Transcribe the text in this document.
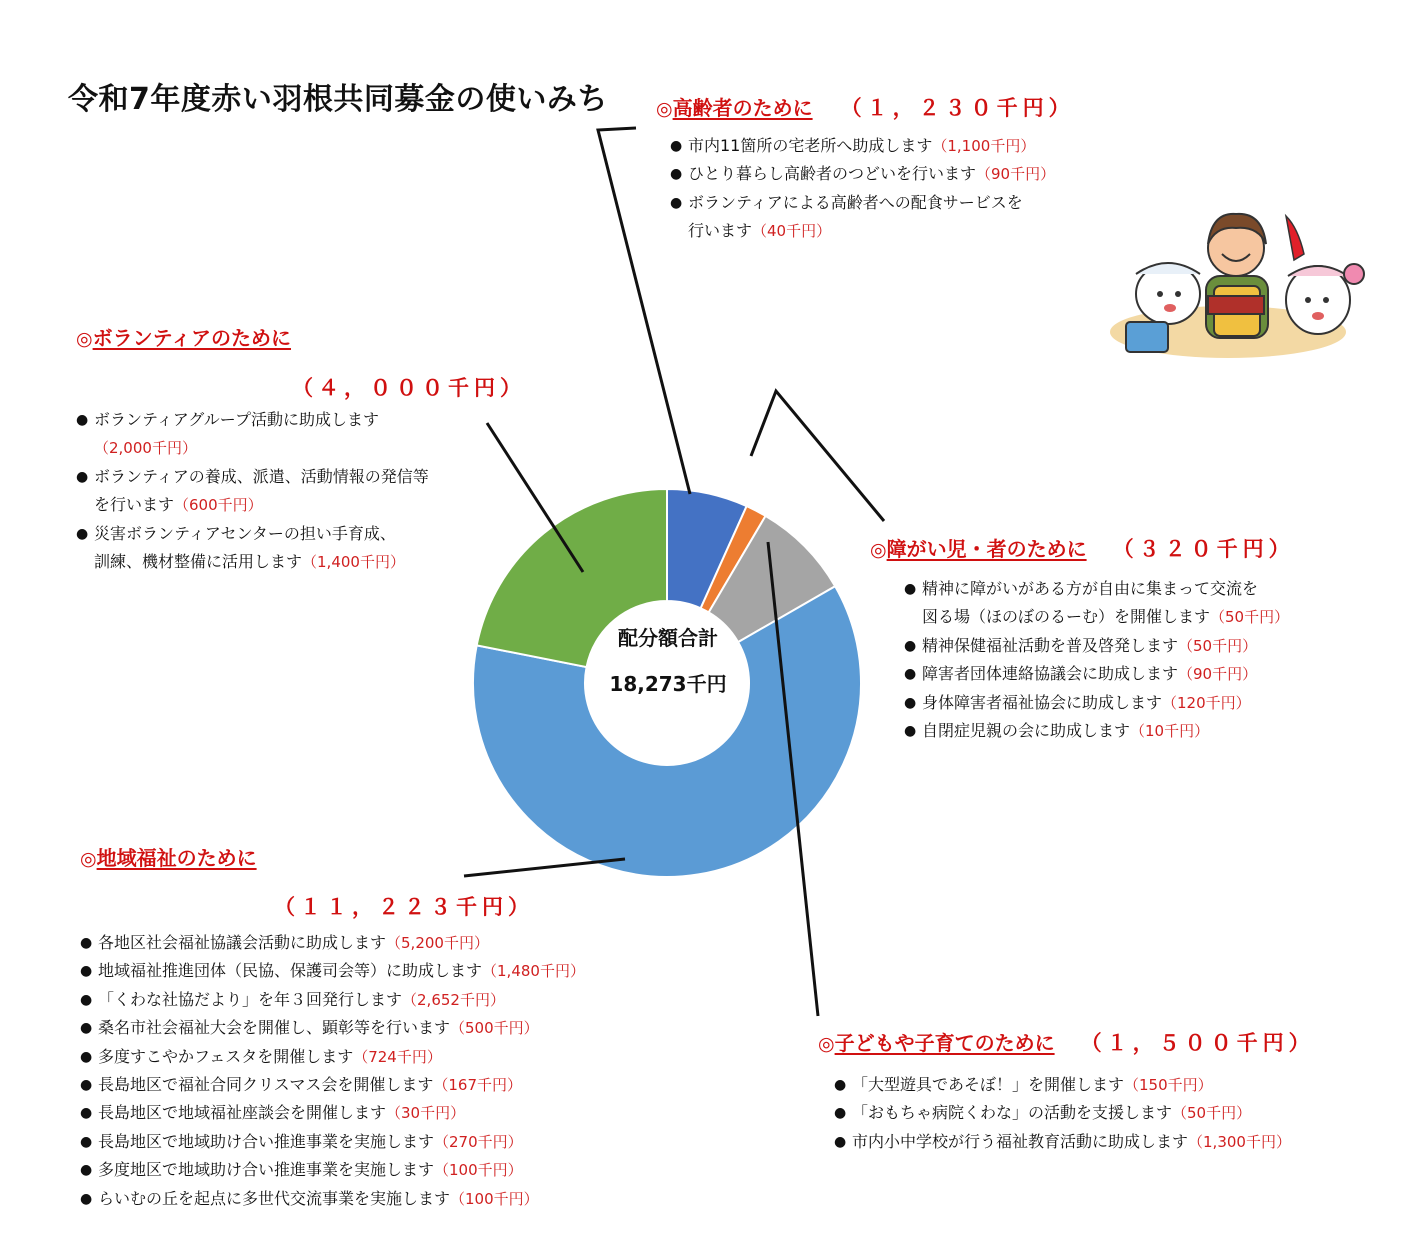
令和7年度赤い羽根共同募金の使いみち
配分額合計
18,273千円
◎高齢者のために （１，２３０千円）
● 市内11箇所の宅老所へ助成します（1,100千円）
● ひとり暮らし高齢者のつどいを行います（90千円）
● ボランティアによる高齢者への配食サービスを
行います（40千円）
◎ボランティアのために
（４，０００千円）
● ボランティアグループ活動に助成します
（2,000千円）
● ボランティアの養成、派遣、活動情報の発信等
を行います（600千円）
● 災害ボランティアセンターの担い手育成、
訓練、機材整備に活用します（1,400千円）
◎障がい児・者のために （３２０千円）
● 精神に障がいがある方が自由に集まって交流を
図る場（ほのぼのるーむ）を開催します（50千円）
● 精神保健福祉活動を普及啓発します（50千円）
● 障害者団体連絡協議会に助成します（90千円）
● 身体障害者福祉協会に助成します（120千円）
● 自閉症児親の会に助成します（10千円）
◎地域福祉のために
（１１，２２３千円）
● 各地区社会福祉協議会活動に助成します（5,200千円）
● 地域福祉推進団体（民協、保護司会等）に助成します（1,480千円）
● 「くわな社協だより」を年３回発行します（2,652千円）
● 桑名市社会福祉大会を開催し、顕彰等を行います（500千円）
● 多度すこやかフェスタを開催します（724千円）
● 長島地区で福祉合同クリスマス会を開催します（167千円）
● 長島地区で地域福祉座談会を開催します（30千円）
● 長島地区で地域助け合い推進事業を実施します（270千円）
● 多度地区で地域助け合い推進事業を実施します（100千円）
● らいむの丘を起点に多世代交流事業を実施します（100千円）
◎子どもや子育てのために （１，５００千円）
● 「大型遊具であそぼ！」を開催します（150千円）
● 「おもちゃ病院くわな」の活動を支援します（50千円）
● 市内小中学校が行う福祉教育活動に助成します（1,300千円）
